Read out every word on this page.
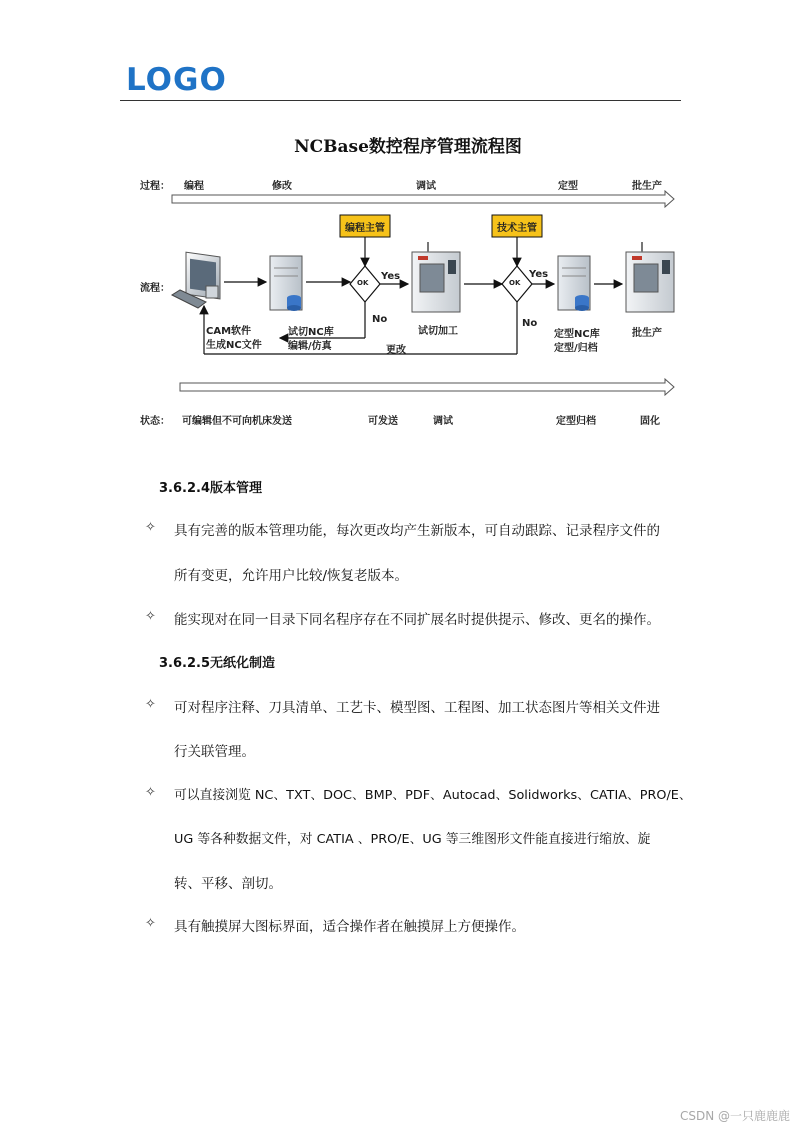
LOGO
NCBase数控程序管理流程图
过程： 编程	修改	调试	定型	批生产
编程主管	技术主管
流程：	OK	OK
Yes	Yes
No	No
CAM软件
生成NC文件
试切NC库
编辑/仿真
试切加工	定型NC库
定型/归档
批生产
更改
状态： 可编辑但不可向机床发送	可发送	调试	定型归档	固化
3.6.2.4版本管理
✧ 具有完善的版本管理功能，每次更改均产生新版本，可自动跟踪、记录程序文件的
所有变更，允许用户比较/恢复老版本。
✧ 能实现对在同一目录下同名程序存在不同扩展名时提供提示、修改、更名的操作。
3.6.2.5无纸化制造
✧ 可对程序注释、刀具清单、工艺卡、模型图、工程图、加工状态图片等相关文件进
行关联管理。
✧ 可以直接浏览 NC、TXT、DOC、BMP、PDF、Autocad、Solidworks、CATIA、PRO/E、
UG 等各种数据文件，对 CATIA 、PRO/E、UG 等三维图形文件能直接进行缩放、旋
转、平移、剖切。
✧ 具有触摸屏大图标界面，适合操作者在触摸屏上方便操作。
CSDN @一只鹿鹿鹿
